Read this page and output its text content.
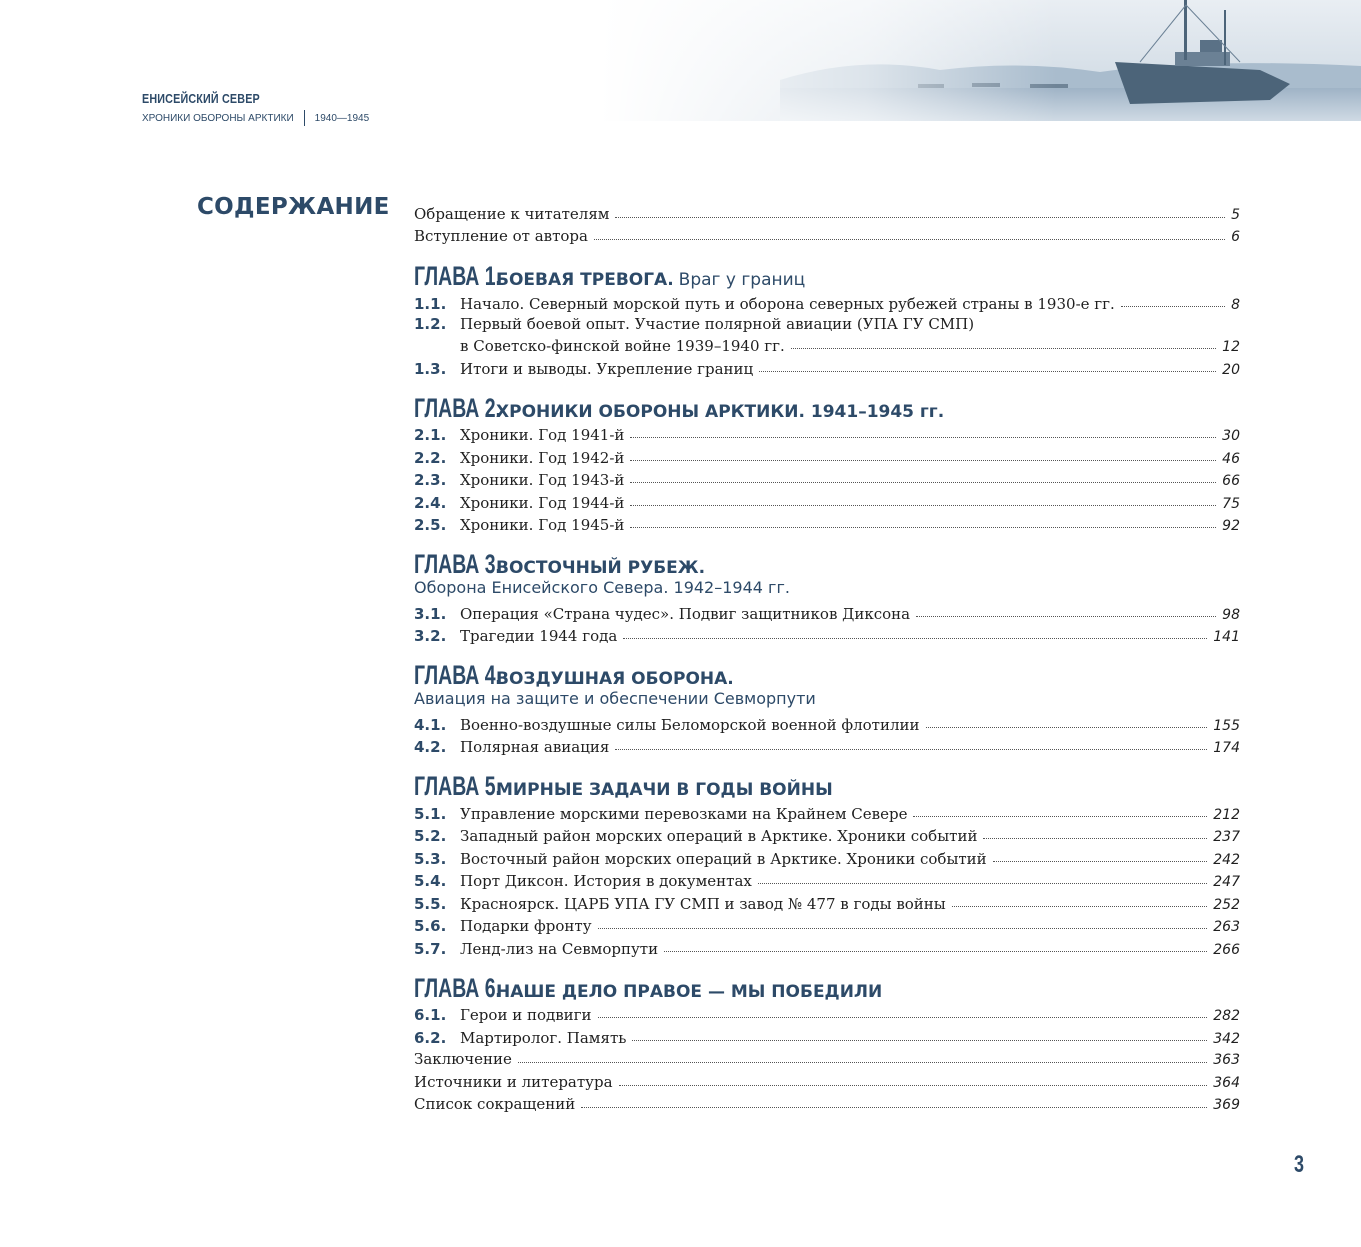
ЕНИСЕЙСКИЙ СЕВЕР
ХРОНИКИ ОБОРОНЫ АРКТИКИ 1940—1945
СОДЕРЖАНИЕ Обращение к читателям	5
Вступление от автора	6
ГЛАВА 1.
БОЕВАЯ ТРЕВОГА. Враг у границ
1.1. Начало. Северный морской путь и оборона северных рубежей страны в 1930-е гг.	8
1.2. Первый боевой опыт. Участие полярной авиации (УПА ГУ СМП)
в Советско-финской войне 1939–1940 гг.	12
1.3. Итоги и выводы. Укрепление границ	20
ГЛАВА 2.
ХРОНИКИ ОБОРОНЫ АРКТИКИ. 1941–1945 гг.
2.1. Хроники. Год 1941-й	30
2.2. Хроники. Год 1942-й	46
2.3. Хроники. Год 1943-й	66
2.4. Хроники. Год 1944-й	75
2.5. Хроники. Год 1945-й	92
ГЛАВА 3.
ВОСТОЧНЫЙ РУБЕЖ.
Оборона Енисейского Севера. 1942–1944 гг.
3.1. Операция «Страна чудес». Подвиг защитников Диксона	98
3.2. Трагедии 1944 года	141
ГЛАВА 4.
ВОЗДУШНАЯ ОБОРОНА.
Авиация на защите и обеспечении Севморпути
4.1. Военно-воздушные силы Беломорской военной флотилии	155
4.2. Полярная авиация	174
ГЛАВА 5.
МИРНЫЕ ЗАДАЧИ В ГОДЫ ВОЙНЫ
5.1. Управление морскими перевозками на Крайнем Севере	212
5.2. Западный район морских операций в Арктике. Хроники событий	237
5.3. Восточный район морских операций в Арктике. Хроники событий	242
5.4. Порт Диксон. История в документах	247
5.5. Красноярск. ЦАРБ УПА ГУ СМП и завод № 477 в годы войны	252
5.6. Подарки фронту	263
5.7. Ленд-лиз на Севморпути	266
ГЛАВА 6.
НАШЕ ДЕЛО ПРАВОЕ — МЫ ПОБЕДИЛИ
6.1. Герои и подвиги	282
6.2. Мартиролог. Память	342
Заключение	363
Источники и литература	364
Список сокращений	369
3
